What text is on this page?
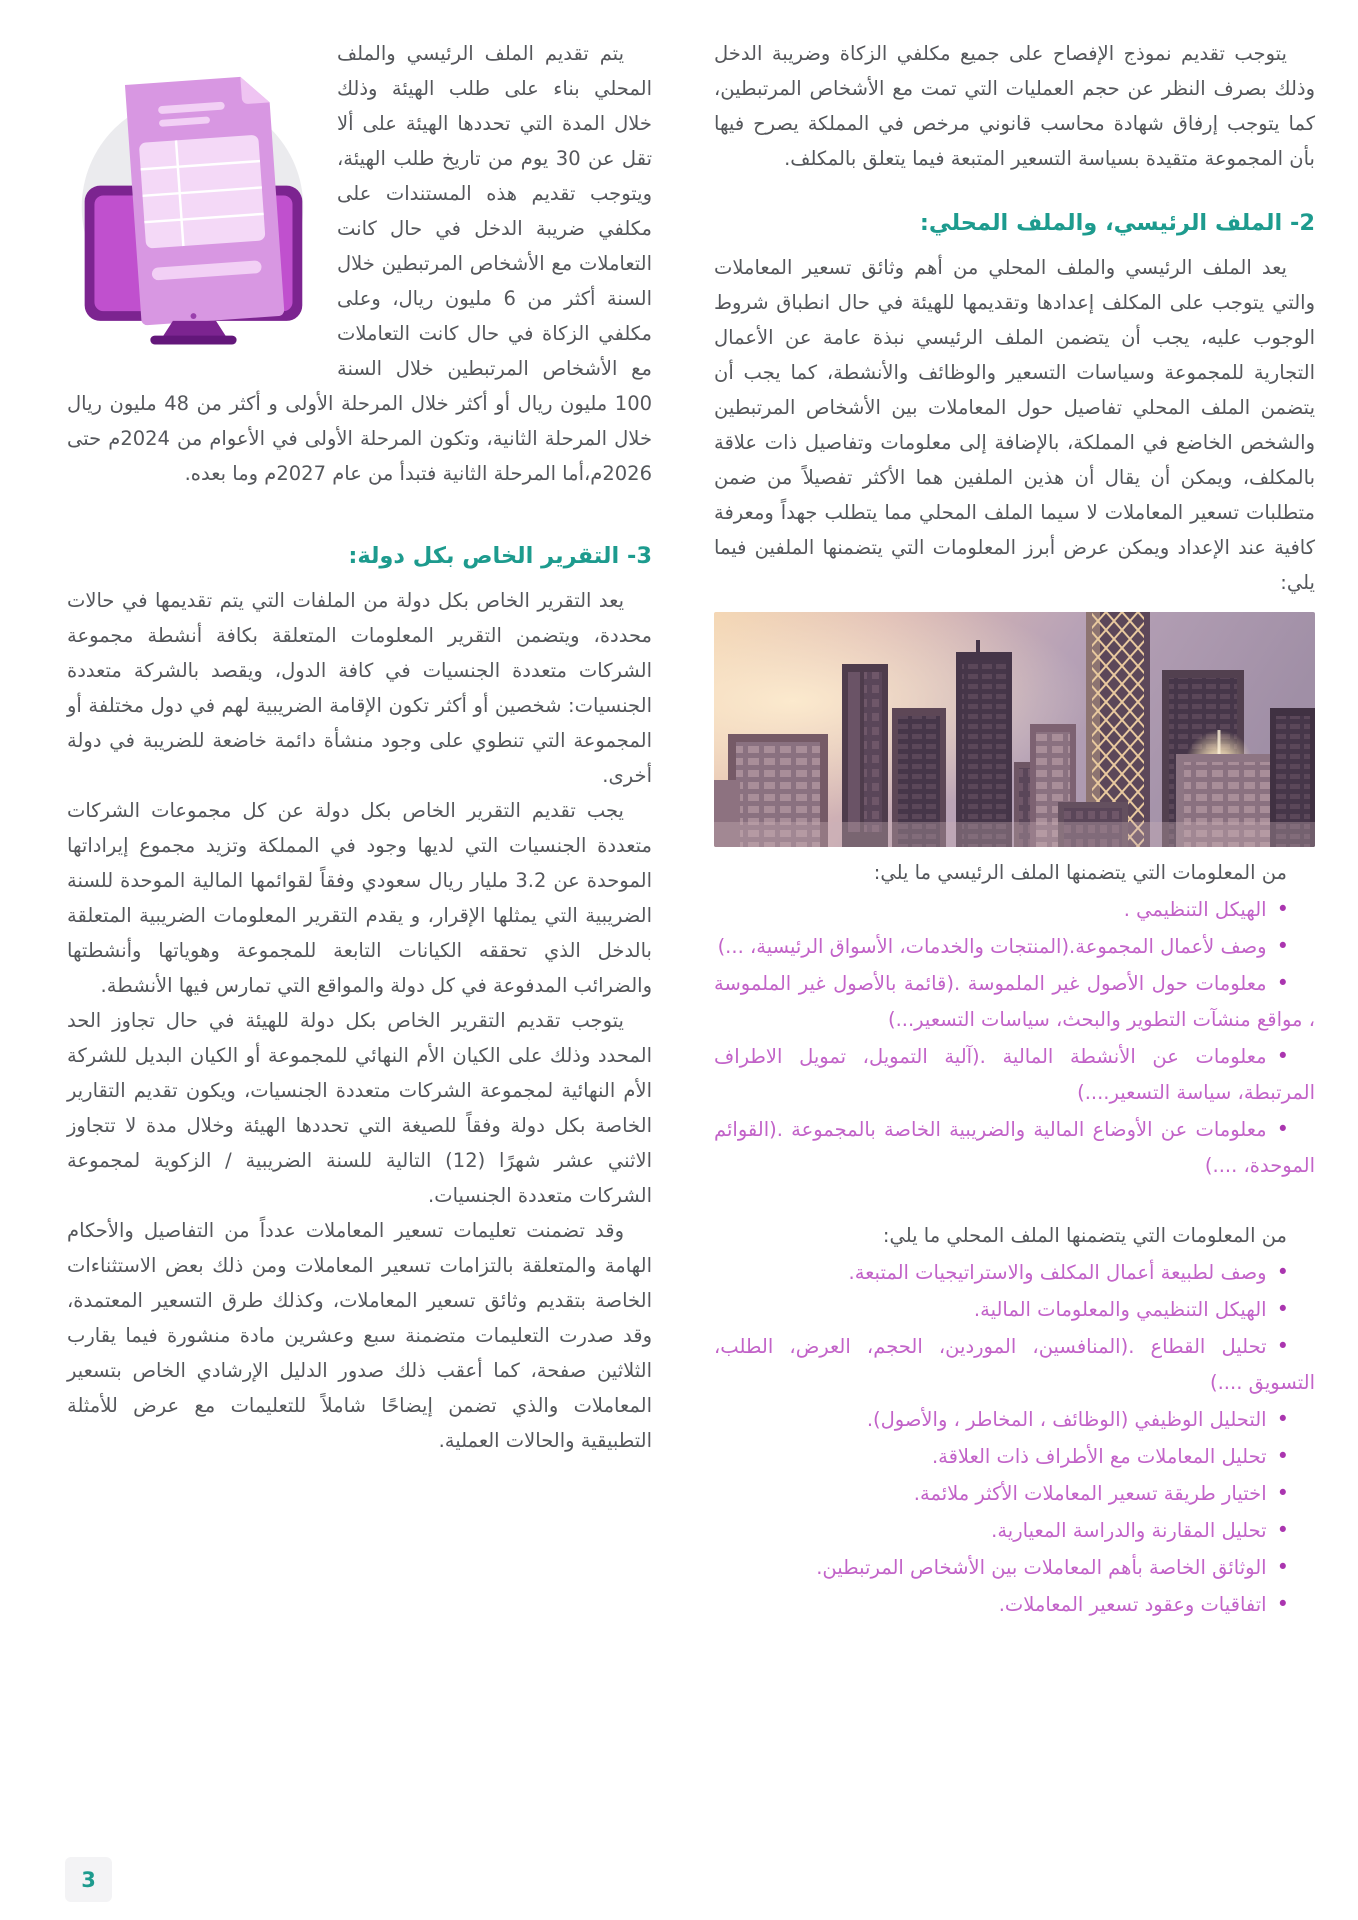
يتوجب تقديم نموذج الإفصاح على جميع مكلفي الزكاة وضريبة الدخل وذلك بصرف النظر عن حجم العمليات التي تمت مع الأشخاص المرتبطين، كما يتوجب إرفاق شهادة محاسب قانوني مرخص في المملكة يصرح فيها بأن المجموعة متقيدة بسياسة التسعير المتبعة فيما يتعلق بالمكلف.

2- الملف الرئيسي، والملف المحلي:

يعد الملف الرئيسي والملف المحلي من أهم وثائق تسعير المعاملات والتي يتوجب على المكلف إعدادها وتقديمها للهيئة في حال انطباق شروط الوجوب عليه، يجب أن يتضمن الملف الرئيسي نبذة عامة عن الأعمال التجارية للمجموعة وسياسات التسعير والوظائف والأنشطة، كما يجب أن يتضمن الملف المحلي تفاصيل حول المعاملات بين الأشخاص المرتبطين والشخص الخاضع في المملكة، بالإضافة إلى معلومات وتفاصيل ذات علاقة بالمكلف، ويمكن أن يقال أن هذين الملفين هما الأكثر تفصيلاً من ضمن متطلبات تسعير المعاملات لا سيما الملف المحلي مما يتطلب جهداً ومعرفة كافية عند الإعداد ويمكن عرض أبرز المعلومات التي يتضمنها الملفين فيما يلي:

من المعلومات التي يتضمنها الملف الرئيسي ما يلي:

• الهيكل التنظيمي .
• وصف لأعمال المجموعة.(المنتجات والخدمات، الأسواق الرئيسية، ...)
• معلومات حول الأصول غير الملموسة .(قائمة بالأصول غير الملموسة ، مواقع منشآت التطوير والبحث، سياسات التسعير...)
• معلومات عن الأنشطة المالية .(آلية التمويل، تمويل الاطراف المرتبطة، سياسة التسعير....)
• معلومات عن الأوضاع المالية والضريبية الخاصة بالمجموعة .(القوائم الموحدة، ....)

من المعلومات التي يتضمنها الملف المحلي ما يلي:

• وصف لطبيعة أعمال المكلف والاستراتيجيات المتبعة.
• الهيكل التنظيمي والمعلومات المالية.
• تحليل القطاع .(المنافسين، الموردين، الحجم، العرض، الطلب، التسويق ....)
• التحليل الوظيفي (الوظائف ، المخاطر ، والأصول).
• تحليل المعاملات مع الأطراف ذات العلاقة.
• اختيار طريقة تسعير المعاملات الأكثر ملائمة.
• تحليل المقارنة والدراسة المعيارية.
• الوثائق الخاصة بأهم المعاملات بين الأشخاص المرتبطين.
• اتفاقيات وعقود تسعير المعاملات.

يتم تقديم الملف الرئيسي والملف المحلي بناء على طلب الهيئة وذلك خلال المدة التي تحددها الهيئة على ألا تقل عن 30 يوم من تاريخ طلب الهيئة، ويتوجب تقديم هذه المستندات على مكلفي ضريبة الدخل في حال كانت التعاملات مع الأشخاص المرتبطين خلال السنة أكثر من 6 مليون ريال، وعلى مكلفي الزكاة في حال كانت التعاملات مع الأشخاص المرتبطين خلال السنة 100 مليون ريال أو أكثر خلال المرحلة الأولى و أكثر من 48 مليون ريال خلال المرحلة الثانية، وتكون المرحلة الأولى في الأعوام من 2024م حتى 2026م،أما المرحلة الثانية فتبدأ من عام 2027م وما بعده.

3- التقرير الخاص بكل دولة:

يعد التقرير الخاص بكل دولة من الملفات التي يتم تقديمها في حالات محددة، ويتضمن التقرير المعلومات المتعلقة بكافة أنشطة مجموعة الشركات متعددة الجنسيات في كافة الدول، ويقصد بالشركة متعددة الجنسيات: شخصين أو أكثر تكون الإقامة الضريبية لهم في دول مختلفة أو المجموعة التي تنطوي على وجود منشأة دائمة خاضعة للضريبة في دولة أخرى.

يجب تقديم التقرير الخاص بكل دولة عن كل مجموعات الشركات متعددة الجنسيات التي لديها وجود في المملكة وتزيد مجموع إيراداتها الموحدة عن 3.2 مليار ريال سعودي وفقاً لقوائمها المالية الموحدة للسنة الضريبية التي يمثلها الإقرار، و يقدم التقرير المعلومات الضريبية المتعلقة بالدخل الذي تحققه الكيانات التابعة للمجموعة وهوياتها وأنشطتها والضرائب المدفوعة في كل دولة والمواقع التي تمارس فيها الأنشطة.

يتوجب تقديم التقرير الخاص بكل دولة للهيئة في حال تجاوز الحد المحدد وذلك على الكيان الأم النهائي للمجموعة أو الكيان البديل للشركة الأم النهائية لمجموعة الشركات متعددة الجنسيات، ويكون تقديم التقارير الخاصة بكل دولة وفقاً للصيغة التي تحددها الهيئة وخلال مدة لا تتجاوز الاثني عشر شهرًا (12) التالية للسنة الضريبية / الزكوية لمجموعة الشركات متعددة الجنسيات.

وقد تضمنت تعليمات تسعير المعاملات عدداً من التفاصيل والأحكام الهامة والمتعلقة بالتزامات تسعير المعاملات ومن ذلك بعض الاستثناءات الخاصة بتقديم وثائق تسعير المعاملات، وكذلك طرق التسعير المعتمدة، وقد صدرت التعليمات متضمنة سبع وعشرين مادة منشورة فيما يقارب الثلاثين صفحة، كما أعقب ذلك صدور الدليل الإرشادي الخاص بتسعير المعاملات والذي تضمن إيضاحًا شاملاً للتعليمات مع عرض للأمثلة التطبيقية والحالات العملية.

3
